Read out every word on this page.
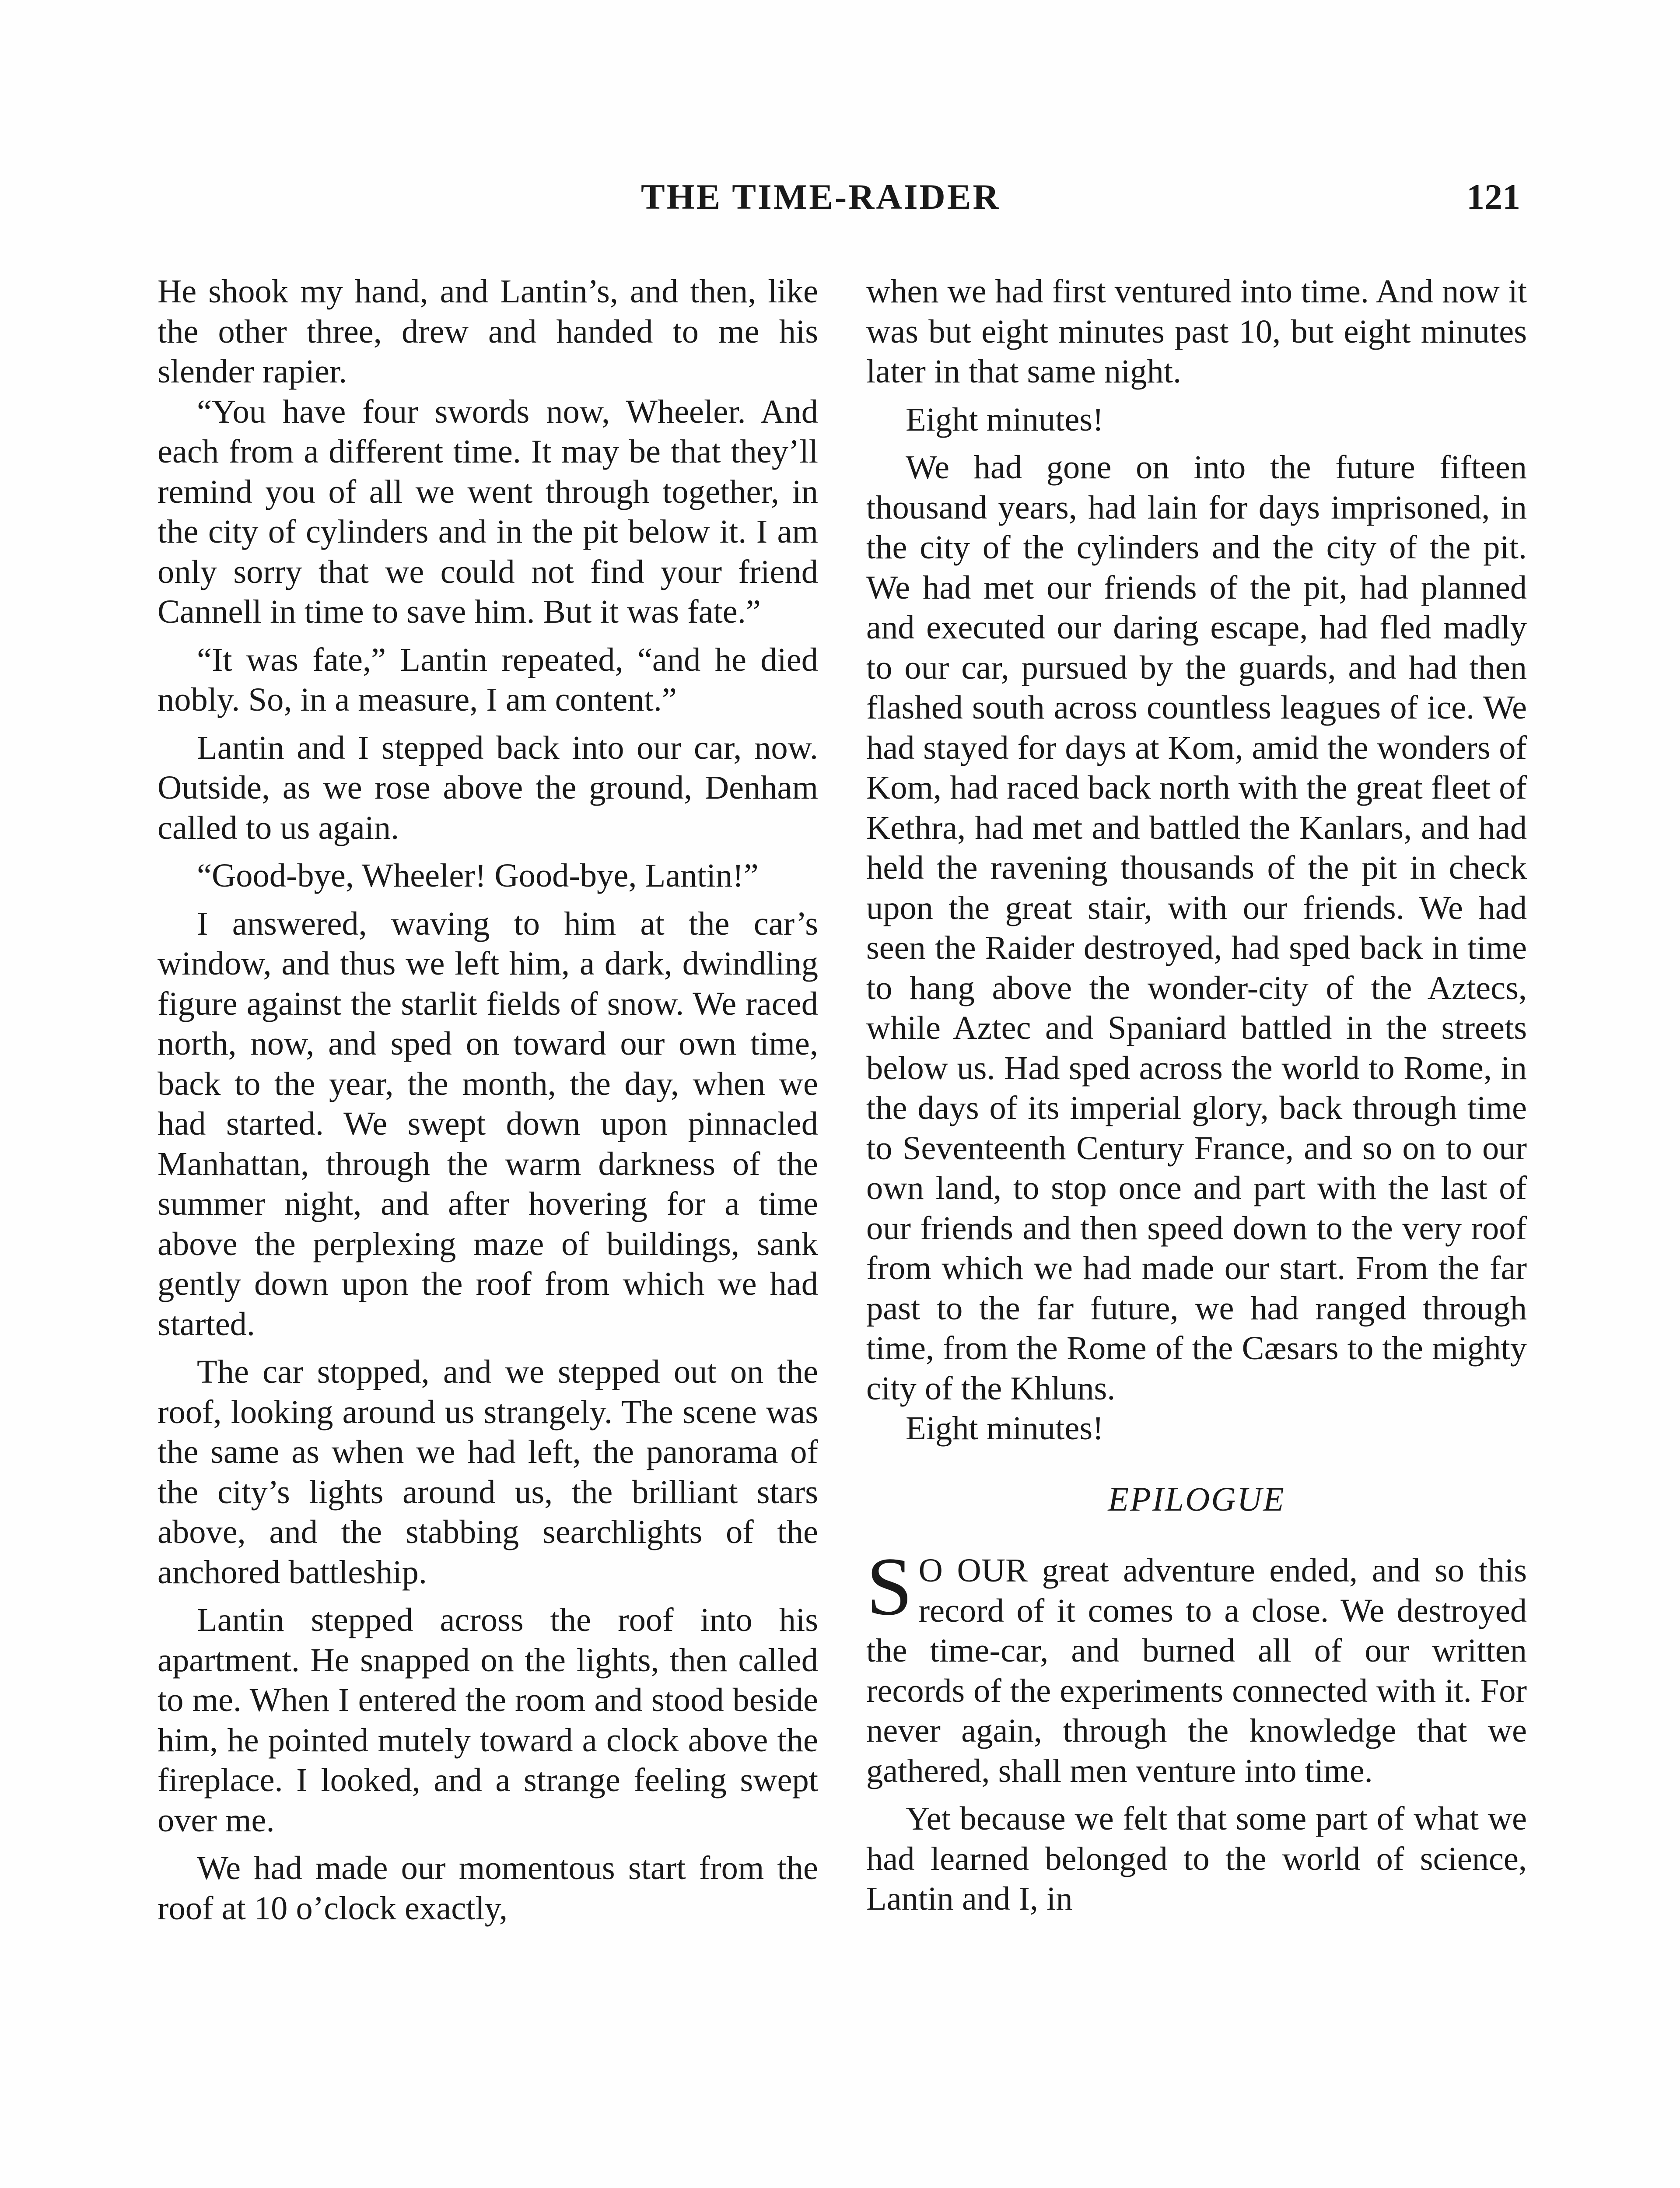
THE TIME-RAIDER	121

He shook my hand, and Lantin’s, and then, like the other three, drew and handed to me his slender rapier.

“You have four swords now, Wheeler. And each from a different time. It may be that they’ll remind you of all we went through together, in the city of cylinders and in the pit below it. I am only sorry that we could not find your friend Cannell in time to save him. But it was fate.”

“It was fate,” Lantin repeated, “and he died nobly. So, in a measure, I am content.”

Lantin and I stepped back into our car, now. Outside, as we rose above the ground, Denham called to us again.

“Good-bye, Wheeler! Good-bye, Lantin!”

I answered, waving to him at the car’s window, and thus we left him, a dark, dwindling figure against the starlit fields of snow. We raced north, now, and sped on toward our own time, back to the year, the month, the day, when we had started. We swept down upon pinnacled Manhattan, through the warm darkness of the summer night, and after hovering for a time above the perplexing maze of buildings, sank gently down upon the roof from which we had started.

The car stopped, and we stepped out on the roof, looking around us strangely. The scene was the same as when we had left, the panorama of the city’s lights around us, the brilliant stars above, and the stabbing searchlights of the anchored battleship.

Lantin stepped across the roof into his apartment. He snapped on the lights, then called to me. When I entered the room and stood beside him, he pointed mutely toward a clock above the fireplace. I looked, and a strange feeling swept over me.

We had made our momentous start from the roof at 10 o’clock exactly,

when we had first ventured into time. And now it was but eight minutes past 10, but eight minutes later in that same night.

Eight minutes!

We had gone on into the future fifteen thousand years, had lain for days imprisoned, in the city of the cylinders and the city of the pit. We had met our friends of the pit, had planned and executed our daring escape, had fled madly to our car, pursued by the guards, and had then flashed south across countless leagues of ice. We had stayed for days at Kom, amid the wonders of Kom, had raced back north with the great fleet of Kethra, had met and battled the Kanlars, and had held the ravening thousands of the pit in check upon the great stair, with our friends. We had seen the Raider destroyed, had sped back in time to hang above the wonder-city of the Aztecs, while Aztec and Spaniard battled in the streets below us. Had sped across the world to Rome, in the days of its imperial glory, back through time to Seventeenth Century France, and so on to our own land, to stop once and part with the last of our friends and then speed down to the very roof from which we had made our start. From the far past to the far future, we had ranged through time, from the Rome of the Cæsars to the mighty city of the Khluns.

Eight minutes!

EPILOGUE

S O OUR great adventure ended, and so this record of it comes to a close. We destroyed the time-car, and burned all of our written records of the experiments connected with it. For never again, through the knowledge that we gathered, shall men venture into time.

Yet because we felt that some part of what we had learned belonged to the world of science, Lantin and I, in
